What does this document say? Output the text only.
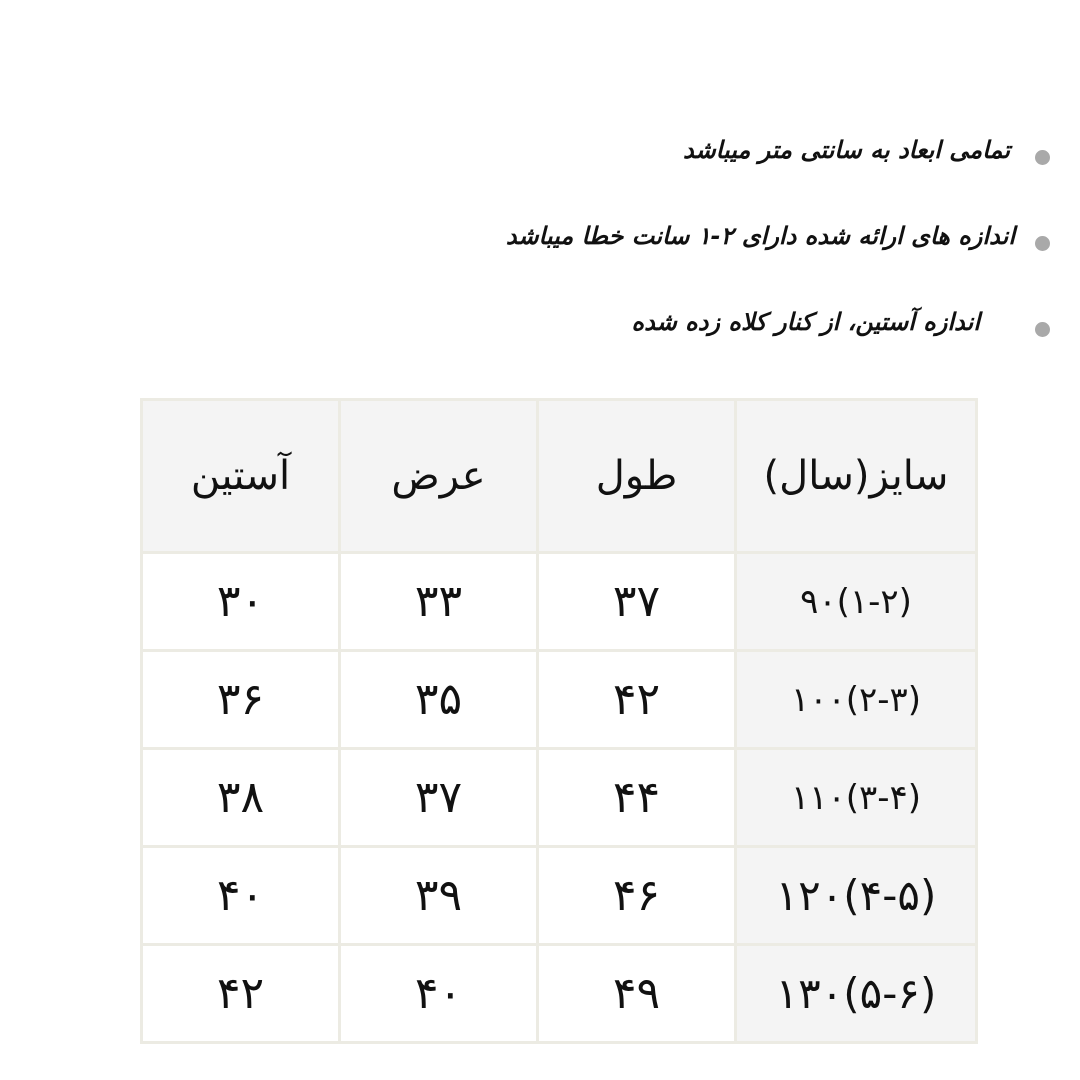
تمامی ابعاد به سانتی متر میباشد
اندازه های ارائه شده دارای ۲-۱ سانت خطا میباشد
اندازه آستین، از کنار کلاه زده شده
سایز(سال)	طول	عرض	آستین
۹۰(۱-۲)	۳۷	۳۳	۳۰
۱۰۰(۲-۳)	۴۲	۳۵	۳۶
۱۱۰(۳-۴)	۴۴	۳۷	۳۸
۱۲۰(۴-۵)	۴۶	۳۹	۴۰
۱۳۰(۵-۶)	۴۹	۴۰	۴۲
